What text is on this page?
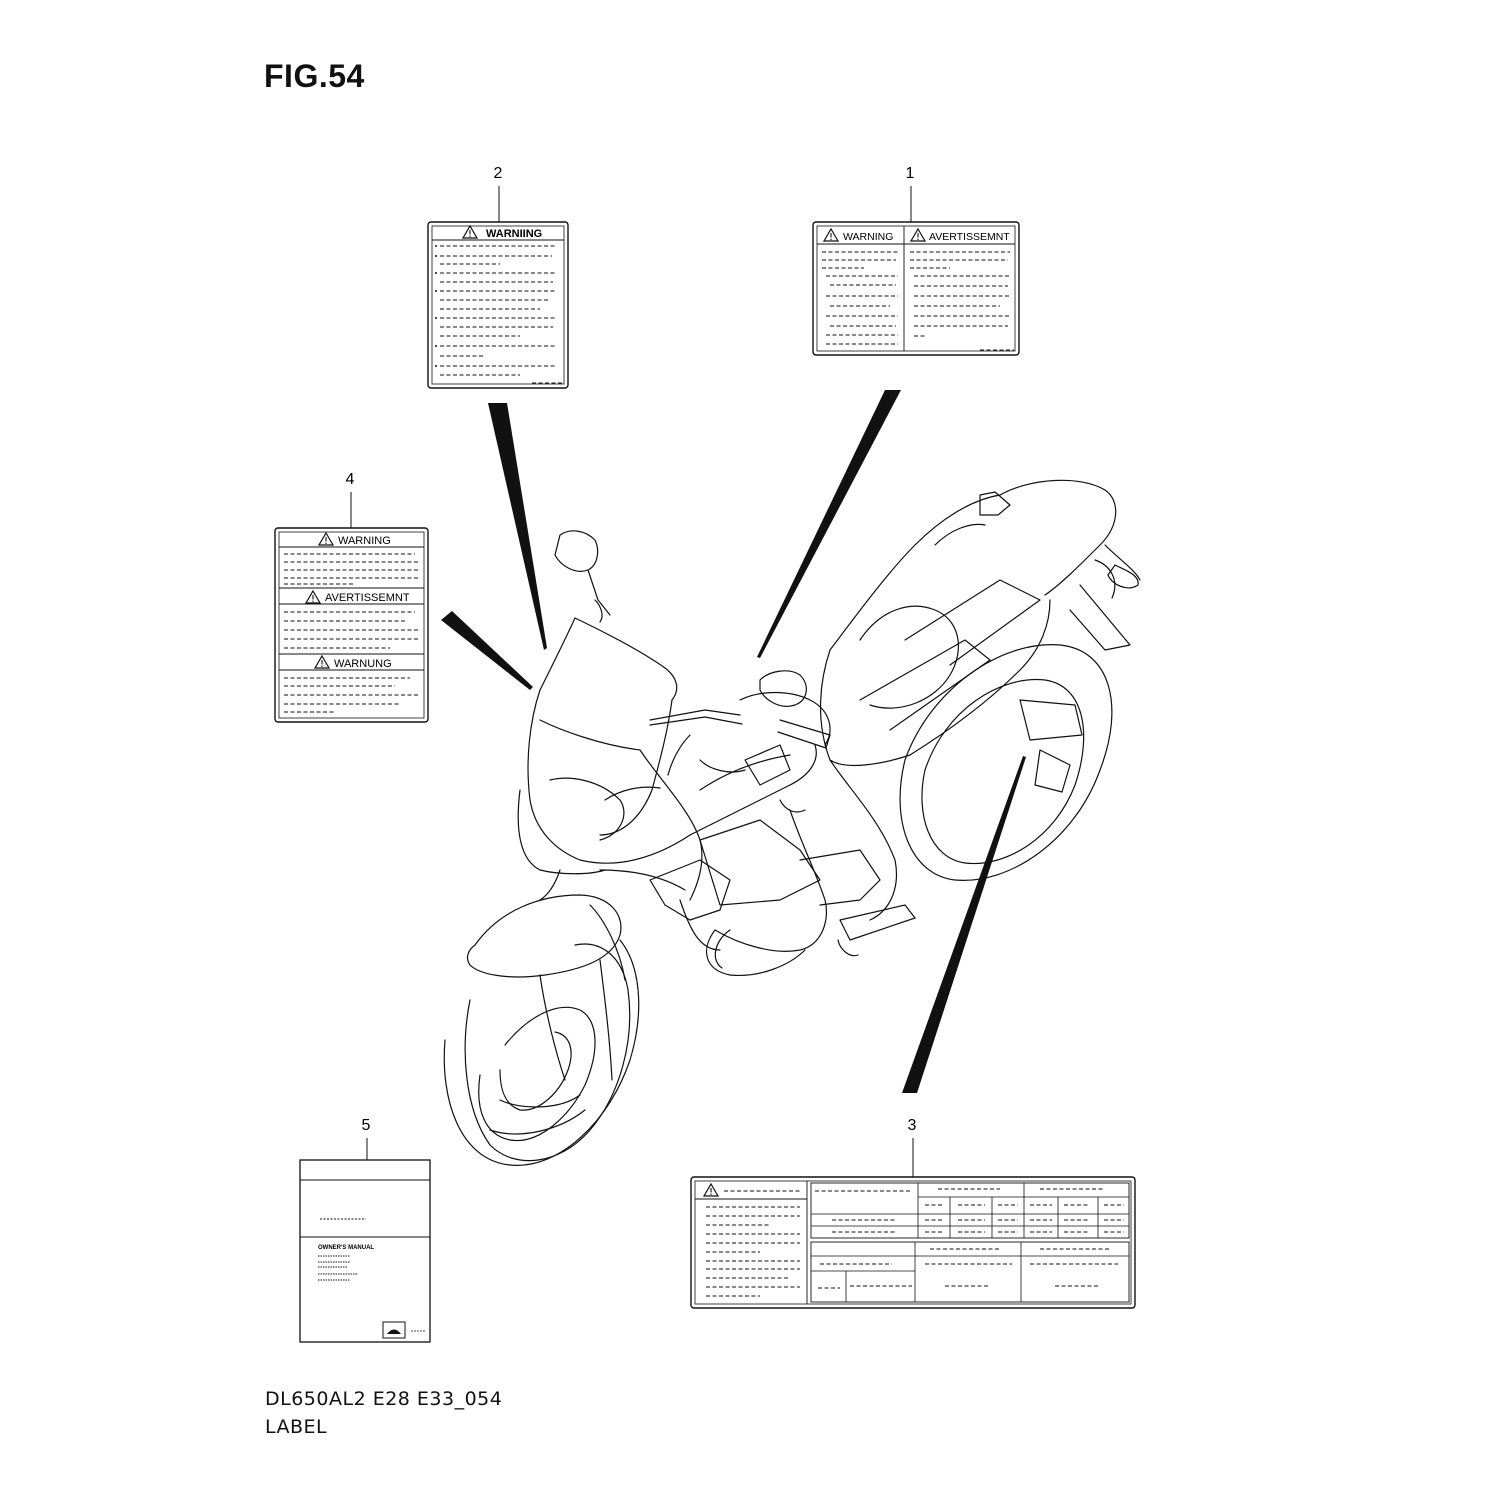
FIG.54
1
2
3
4
5
WARNIING	WARNING	AVERTISSEMNT
WARNING
AVERTISSEMNT
WARNUNG
OWNER'S MANUAL
DL650AL2 E28 E33_054
LABEL
